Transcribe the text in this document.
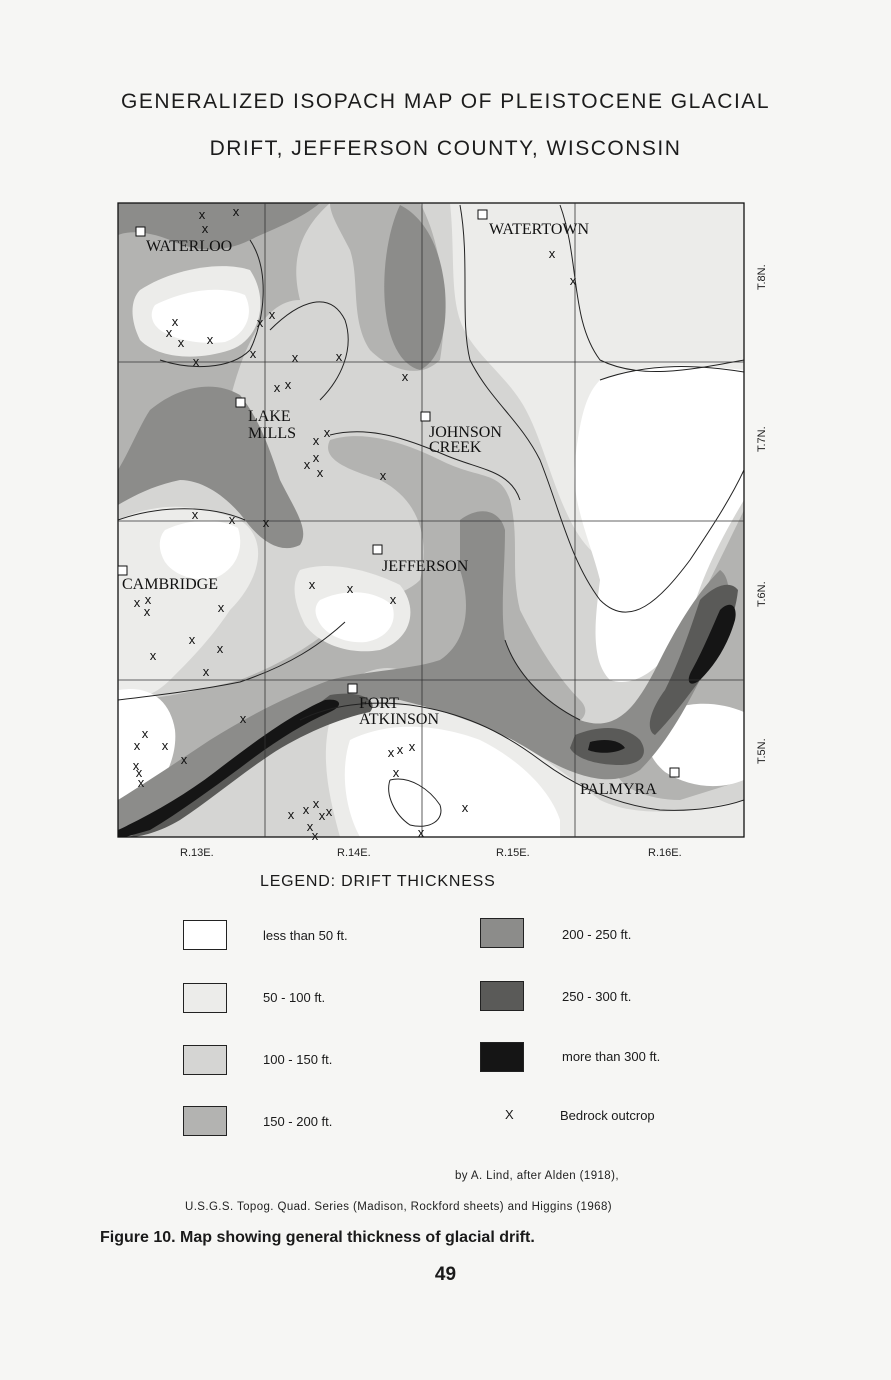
GENERALIZED ISOPACH MAP OF PLEISTOCENE GLACIAL
DRIFT, JEFFERSON COUNTY, WISCONSIN
WATERLOO
WATERTOWN
LAKE
MILLS	JOHNSON
CREEK
CAMBRIDGE
JEFFERSON
FORT
ATKINSON
PALMYRA
x x
x
x
x
x x
x
x
x	x	x
x
x
x x
x
x
x
x
x	x
x x x
x x
x
x x
x	x
x
x
x
x
x
x
x x
x
x
x
x
x x x
x
x
x x x
x x
x
x	x
x
x
R.13E.	R.14E.	R.15E.	R.16E.
T.8N.
T.7N.
T.6N.
T.5N.
LEGEND: DRIFT THICKNESS
less than 50 ft.
50 - 100 ft.
100 - 150 ft.
150 - 200 ft.
200 - 250 ft.
250 - 300 ft.
more than 300 ft.
X	Bedrock outcrop
by A. Lind, after Alden (1918),
U.S.G.S. Topog. Quad. Series (Madison, Rockford sheets) and Higgins (1968)
Figure 10. Map showing general thickness of glacial drift.
49
